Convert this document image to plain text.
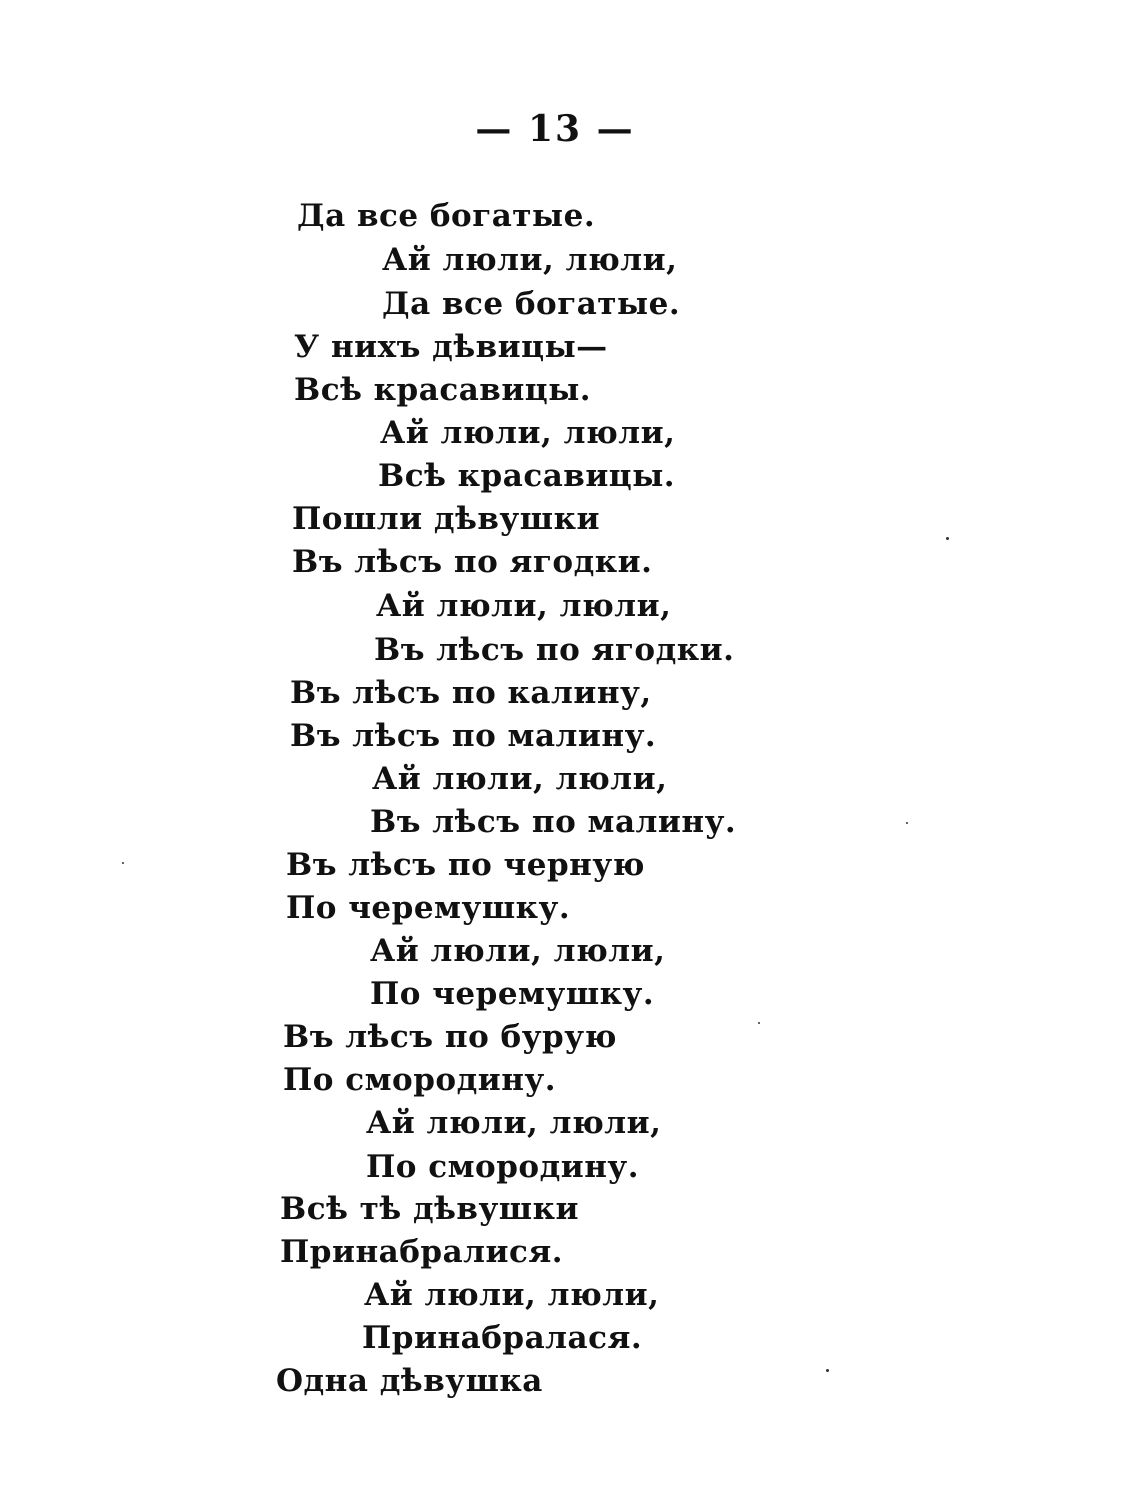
— 13 —
Да все богатые.
Ай люли, люли,
Да все богатые.
У нихъ дѣвицы—
Всѣ красавицы.
Ай люли, люли,
Всѣ красавицы.
Пошли дѣвушки
Въ лѣсъ по ягодки.
Ай люли, люли,
Въ лѣсъ по ягодки.
Въ лѣсъ по калину,
Въ лѣсъ по малину.
Ай люли, люли,
Въ лѣсъ по малину.
Въ лѣсъ по черную
По черемушку.
Ай люли, люли,
По черемушку.
Въ лѣсъ по бурую
По смородину.
Ай люли, люли,
По смородину.
Всѣ тѣ дѣвушки
Принабралися.
Ай люли, люли,
Принабралася.
Одна дѣвушка
